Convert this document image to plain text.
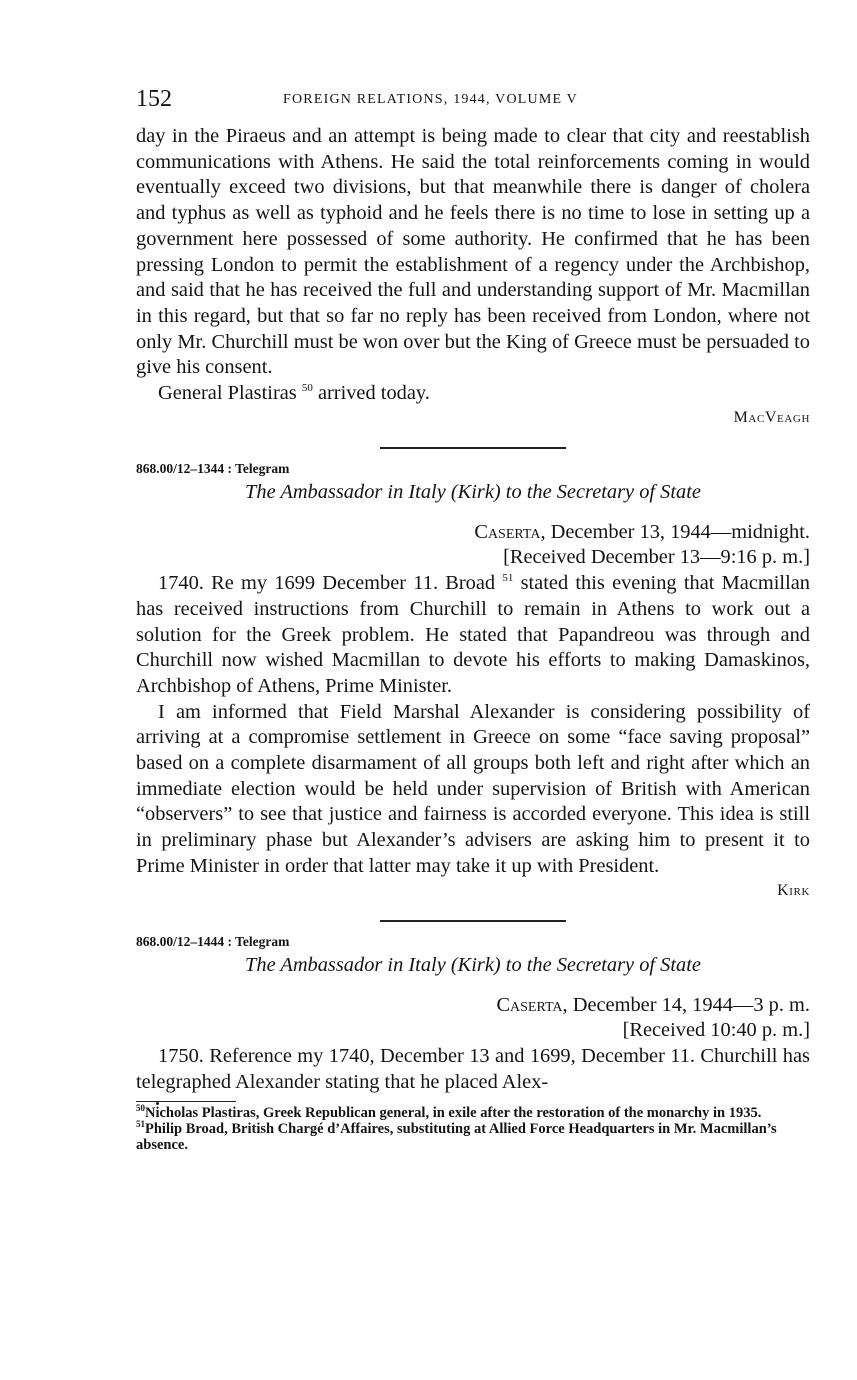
152	FOREIGN RELATIONS, 1944, VOLUME V

day in the Piraeus and an attempt is being made to clear that city and reestablish communications with Athens. He said the total reinforcements coming in would eventually exceed two divisions, but that meanwhile there is danger of cholera and typhus as well as typhoid and he feels there is no time to lose in setting up a government here possessed of some authority. He confirmed that he has been pressing London to permit the establishment of a regency under the Archbishop, and said that he has received the full and understanding support of Mr. Macmillan in this regard, but that so far no reply has been received from London, where not only Mr. Churchill must be won over but the King of Greece must be persuaded to give his consent.

General Plastiras $^{50}$ arrived today.

MacVeagh

868.00/12–1344 : Telegram

The Ambassador in Italy (Kirk) to the Secretary of State

Caserta, December 13, 1944—midnight.

[Received December 13—9:16 p. m.]

1740. Re my 1699 December 11. Broad $^{51}$ stated this evening that Macmillan has received instructions from Churchill to remain in Athens to work out a solution for the Greek problem. He stated that Papandreou was through and Churchill now wished Macmillan to devote his efforts to making Damaskinos, Archbishop of Athens, Prime Minister.

I am informed that Field Marshal Alexander is considering possibility of arriving at a compromise settlement in Greece on some “face saving proposal” based on a complete disarmament of all groups both left and right after which an immediate election would be held under supervision of British with American “observers” to see that justice and fairness is accorded everyone. This idea is still in preliminary phase but Alexander’s advisers are asking him to present it to Prime Minister in order that latter may take it up with President.

Kirk

868.00/12–1444 : Telegram

The Ambassador in Italy (Kirk) to the Secretary of State

Caserta, December 14, 1944—3 p. m.

[Received 10:40 p. m.]

1750. Reference my 1740, December 13 and 1699, December 11. Churchill has telegraphed Alexander stating that he placed Alex-

$^{50}$Nicholas Plastiras, Greek Republican general, in exile after the restoration of the monarchy in 1935.

$^{51}$Philip Broad, British Chargé d’Affaires, substituting at Allied Force Headquarters in Mr. Macmillan’s absence.
